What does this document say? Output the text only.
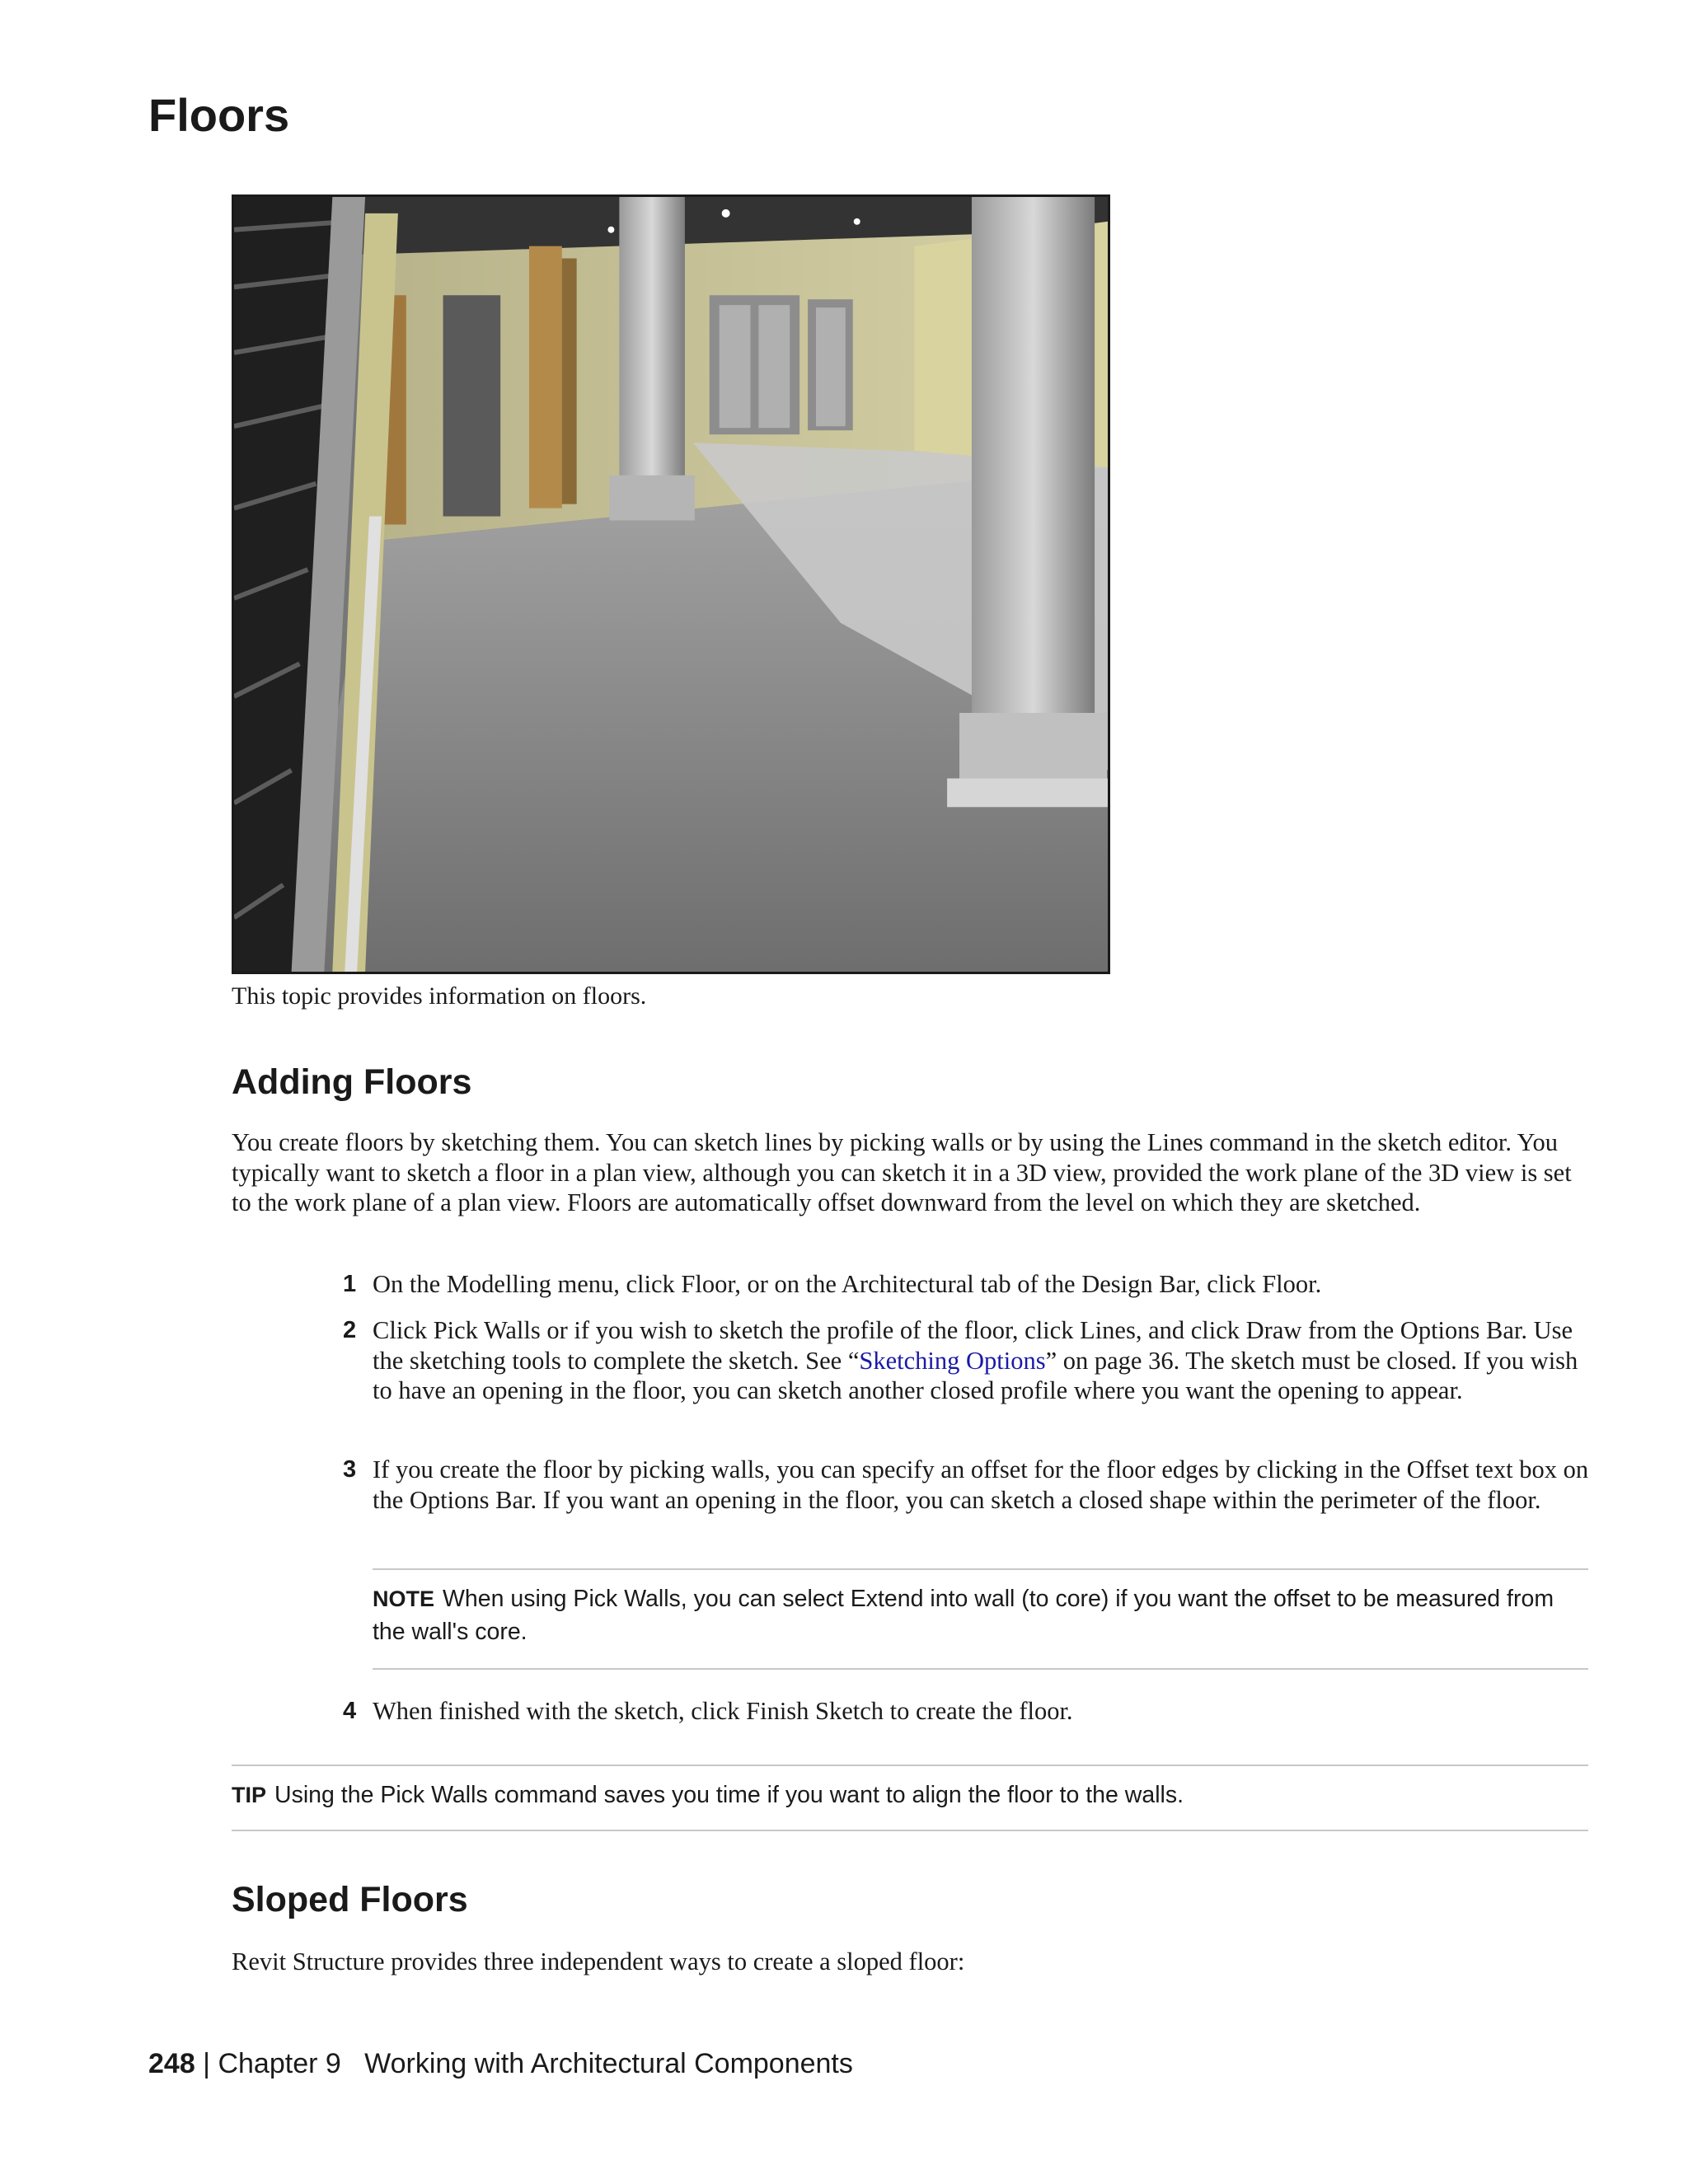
Floors
This topic provides information on floors.
Adding Floors

You create floors by sketching them. You can sketch lines by picking walls or by using the Lines command in the sketch editor. You typically want to sketch a floor in a plan view, although you can sketch it in a 3D view, provided the work plane of the 3D view is set to the work plane of a plan view. Floors are automatically offset downward from the level on which they are sketched.

1 On the Modelling menu, click Floor, or on the Architectural tab of the Design Bar, click Floor.
2 Click Pick Walls or if you wish to sketch the profile of the floor, click Lines, and click Draw from the Options Bar. Use the sketching tools to complete the sketch. See “Sketching Options” on page 36. The sketch must be closed. If you wish to have an opening in the floor, you can sketch another closed profile where you want the opening to appear.
3 If you create the floor by picking walls, you can specify an offset for the floor edges by clicking in the Offset text box on the Options Bar. If you want an opening in the floor, you can sketch a closed shape within the perimeter of the floor.
NOTE When using Pick Walls, you can select Extend into wall (to core) if you want the offset to be measured from the wall's core.
4 When finished with the sketch, click Finish Sketch to create the floor.
TIP Using the Pick Walls command saves you time if you want to align the floor to the walls.
Sloped Floors

Revit Structure provides three independent ways to create a sloped floor:

248 | Chapter 9 Working with Architectural Components
